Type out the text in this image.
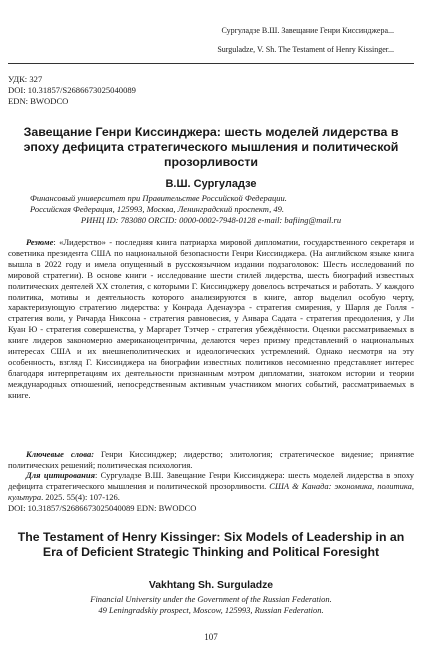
Сургуладзе В.Ш. Завещание Генри Киссинджера...
Surguladze, V. Sh. The Testament of Henry Kissinger...
УДК: 327
DOI: 10.31857/S2686673025040089
EDN: BWODCO
Завещание Генри Киссинджера: шесть моделей лидерства в эпоху дефицита стратегического мышления и политической прозорливости
В.Ш. Сургуладзе
Финансовый университет при Правительстве Российской Федерации.
Российская Федерация, 125993, Москва, Ленинградский проспект, 49.
РИНЦ ID: 783080 ORCID: 0000-0002-7948-0128 e-mail: bafiing@mail.ru
Резюме: «Лидерство» - последняя книга патриарха мировой дипломатии, государственного секретаря и советника президента США по национальной безопасности Генри Киссинджера. (На английском языке книга вышла в 2022 году и имела опущенный в русскоязычном издании подзаголовок: Шесть исследований по мировой стратегии). В основе книги - исследование шести стилей лидерства, шесть биографий известных политических деятелей XX столетия, с которыми Г. Киссинджеру довелось встречаться и работать. У каждого политика, мотивы и деятельность которого анализируются в книге, автор выделил особую черту, характеризующую стратегию лидерства: у Конрада Аденауэра - стратегия смирения, у Шарля де Голля - стратегия воли, у Ричарда Никсона - стратегия равновесия, у Анвара Садата - стратегия преодоления, у Ли Куан Ю - стратегия совершенства, у Маргарет Тэтчер - стратегия убеждённости. Оценки рассматриваемых в книге лидеров закономерно американоцентричны, делаются через призму представлений о национальных интересах США и их внешнеполитических и идеологических устремлений. Однако несмотря на эту особенность, взгляд Г. Киссинджера на биографии известных политиков несомненно представляет интерес благодаря интерпретациям их деятельности признанным мэтром дипломатии, знатоком истории и теории международных отношений, непосредственным активным участником многих событий, рассматриваемых в книге.
Ключевые слова: Генри Киссинджер; лидерство; элитология; стратегическое видение; принятие политических решений; политическая психология.
Для цитирования: Сургуладзе В.Ш. Завещание Генри Киссинджера: шесть моделей лидерства в эпоху дефицита стратегического мышления и политической прозорливости. США & Канада: экономика, политика, культура. 2025. 55(4): 107-126.
DOI: 10.31857/S2686673025040089 EDN: BWODCO
The Testament of Henry Kissinger: Six Models of Leadership in an Era of Deficient Strategic Thinking and Political Foresight
Vakhtang Sh. Surguladze
Financial University under the Government of the Russian Federation.
49 Leningradskiy prospect, Moscow, 125993, Russian Federation.
107
